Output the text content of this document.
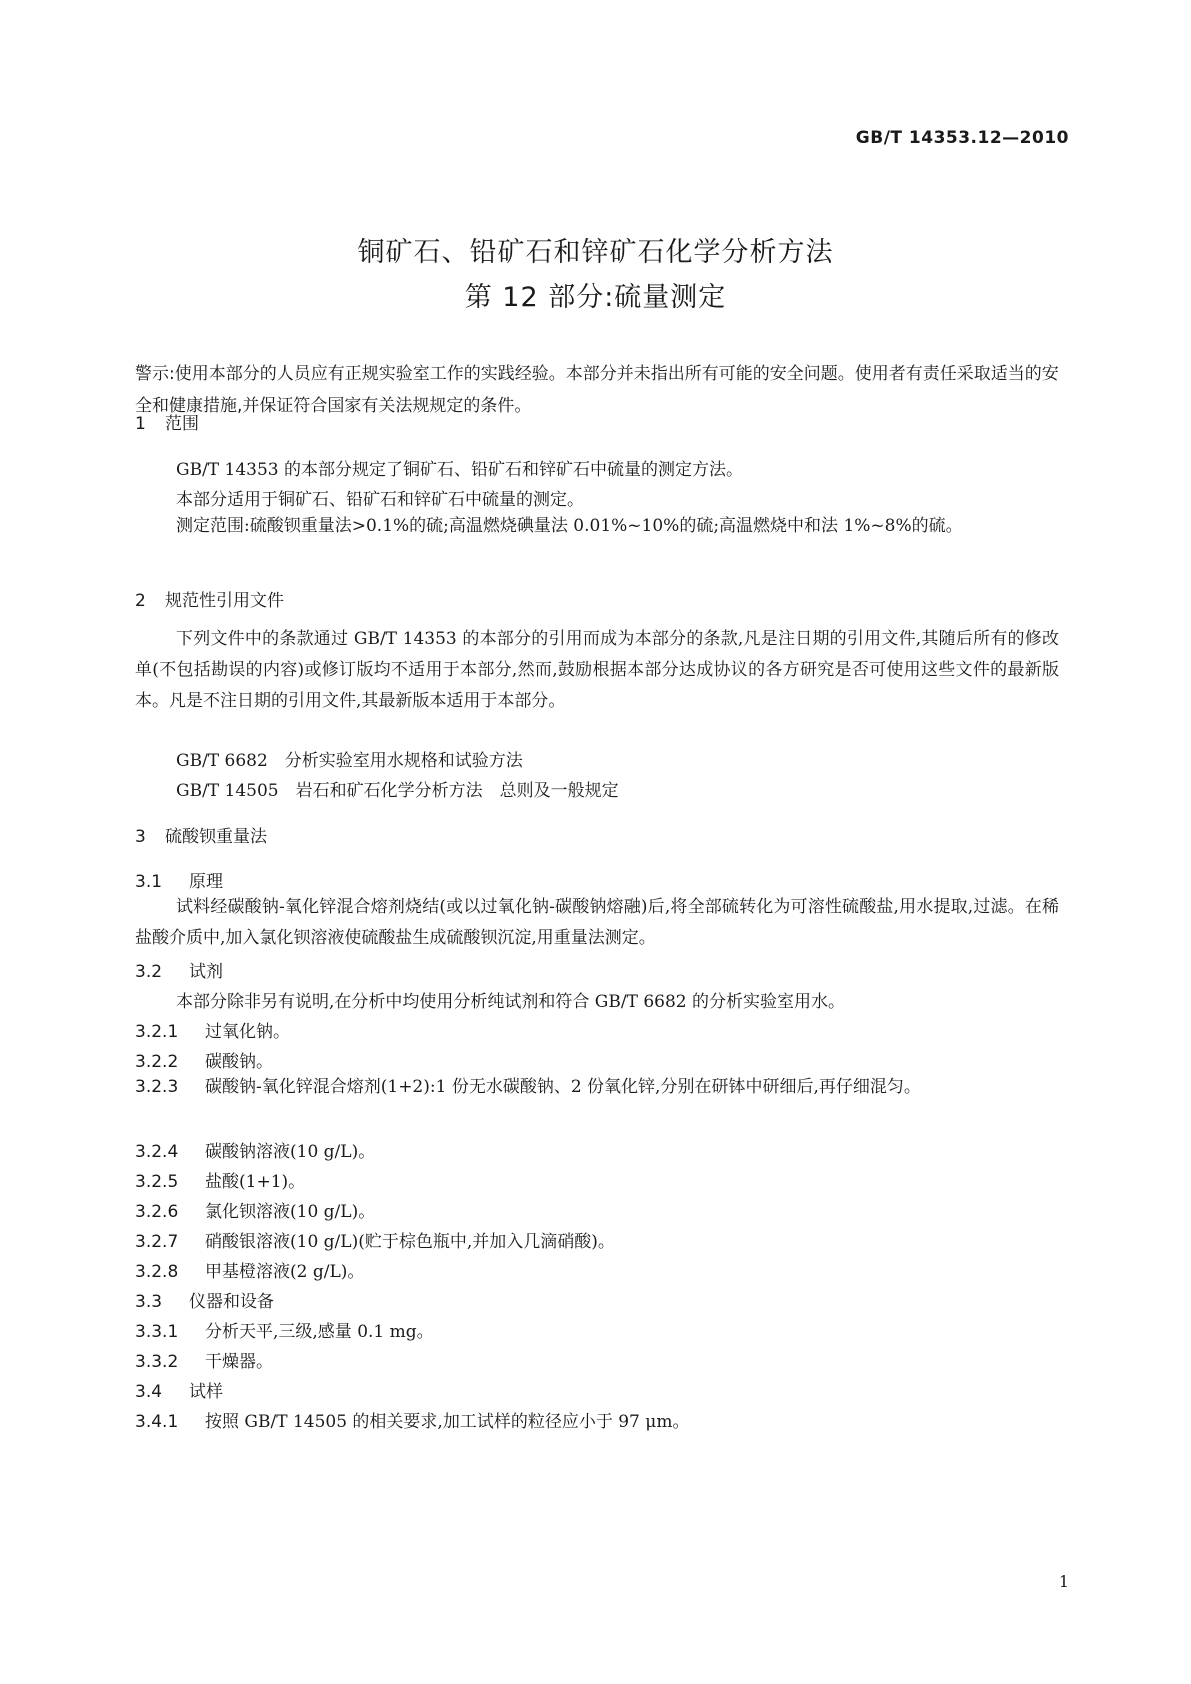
GB/T 14353.12—2010
铜矿石、铅矿石和锌矿石化学分析方法
第 12 部分:硫量测定
警示:使用本部分的人员应有正规实验室工作的实践经验。本部分并未指出所有可能的安全问题。使用者有责任采取适当的安全和健康措施,并保证符合国家有关法规规定的条件。
1 范围
GB/T 14353 的本部分规定了铜矿石、铅矿石和锌矿石中硫量的测定方法。
本部分适用于铜矿石、铅矿石和锌矿石中硫量的测定。
测定范围:硫酸钡重量法>0.1%的硫;高温燃烧碘量法 0.01%~10%的硫;高温燃烧中和法 1%~8%的硫。
2 规范性引用文件
下列文件中的条款通过 GB/T 14353 的本部分的引用而成为本部分的条款,凡是注日期的引用文件,其随后所有的修改单(不包括勘误的内容)或修订版均不适用于本部分,然而,鼓励根据本部分达成协议的各方研究是否可使用这些文件的最新版本。凡是不注日期的引用文件,其最新版本适用于本部分。
GB/T 6682　分析实验室用水规格和试验方法
GB/T 14505　岩石和矿石化学分析方法　总则及一般规定
3 硫酸钡重量法
3.1 原理
试料经碳酸钠-氧化锌混合熔剂烧结(或以过氧化钠-碳酸钠熔融)后,将全部硫转化为可溶性硫酸盐,用水提取,过滤。在稀盐酸介质中,加入氯化钡溶液使硫酸盐生成硫酸钡沉淀,用重量法测定。
3.2 试剂
本部分除非另有说明,在分析中均使用分析纯试剂和符合 GB/T 6682 的分析实验室用水。
3.2.1 过氧化钠。
3.2.2 碳酸钠。
3.2.3 碳酸钠-氧化锌混合熔剂(1+2):1 份无水碳酸钠、2 份氧化锌,分别在研钵中研细后,再仔细混匀。
3.2.4 碳酸钠溶液(10 g/L)。
3.2.5 盐酸(1+1)。
3.2.6 氯化钡溶液(10 g/L)。
3.2.7 硝酸银溶液(10 g/L)(贮于棕色瓶中,并加入几滴硝酸)。
3.2.8 甲基橙溶液(2 g/L)。
3.3 仪器和设备
3.3.1 分析天平,三级,感量 0.1 mg。
3.3.2 干燥器。
3.4 试样
3.4.1 按照 GB/T 14505 的相关要求,加工试样的粒径应小于 97 μm。
1
